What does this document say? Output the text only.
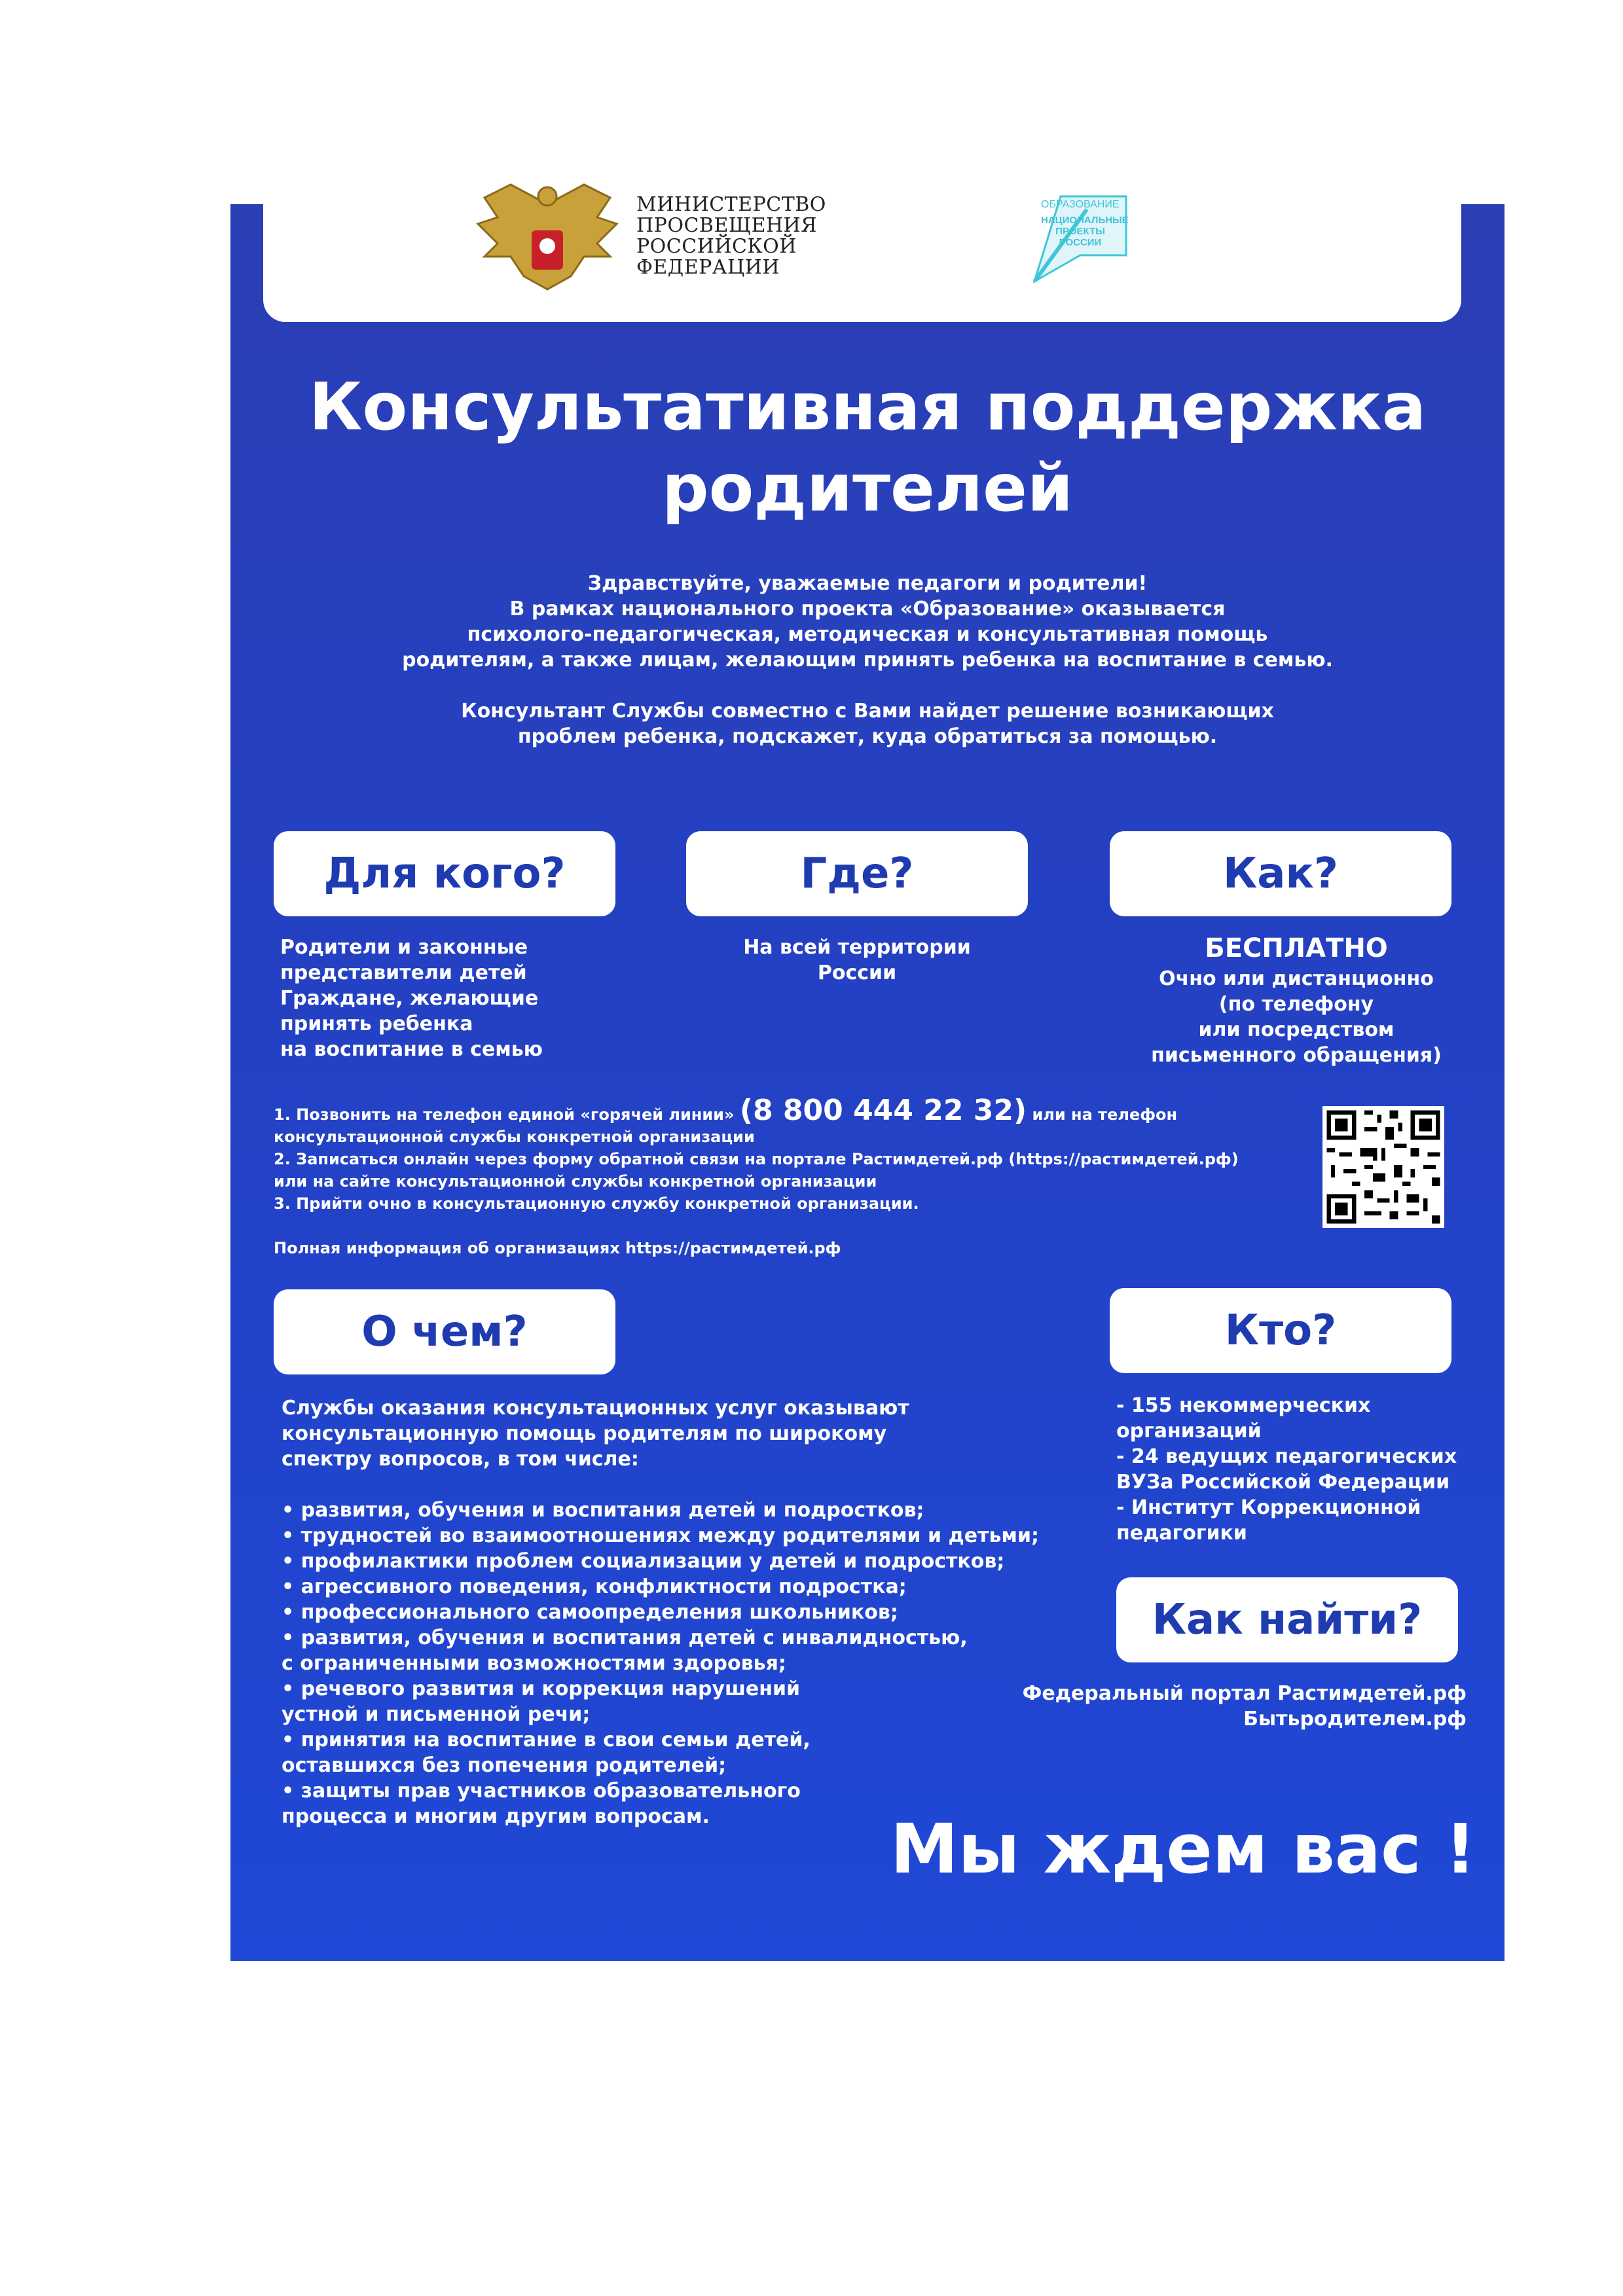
МИНИСТЕРСТВО
ПРОСВЕЩЕНИЯ
РОССИЙСКОЙ
ФЕДЕРАЦИИ
ОБРАЗОВАНИЕ
НАЦИОНАЛЬНЫЕ ПРОЕКТЫ РОССИИ
Консультативная поддержка
родителей

Здравствуйте, уважаемые педагоги и родители!

В рамках национального проекта «Образование» оказывается

психолого-педагогическая, методическая и консультативная помощь

родителям, а также лицам, желающим принять ребенка на воспитание в семью.

Консультант Службы совместно с Вами найдет решение возникающих

проблем ребенка, подскажет, куда обратиться за помощью.

Для кого?	Где?	Как?
Родители и законные
представители детей
Граждане, желающие
принять ребенка
на воспитание в семью
На всей территории
России
БЕСПЛАТНО
Очно или дистанционно
(по телефону
или посредством
письменного обращения)
1. Позвонить на телефон единой «горячей линии» (8 800 444 22 32) или на телефон
консультационной службы конкретной организации
2. Записаться онлайн через форму обратной связи на портале Растимдетей.рф (https://растимдетей.рф)
или на сайте консультационной службы конкретной организации
3. Прийти очно в консультационную службу конкретной организации.
Полная информация об организациях https://растимдетей.рф
О чем?	Кто?
Службы оказания консультационных услуг оказывают
консультационную помощь родителям по широкому
спектру вопросов, в том числе:
• развития, обучения и воспитания детей и подростков;
• трудностей во взаимоотношениях между родителями и детьми;
• профилактики проблем социализации у детей и подростков;
• агрессивного поведения, конфликтности подростка;
• профессионального самоопределения школьников;
• развития, обучения и воспитания детей с инвалидностью,
с ограниченными возможностями здоровья;
• речевого развития и коррекция нарушений
устной и письменной речи;
• принятия на воспитание в свои семьи детей,
оставшихся без попечения родителей;
• защиты прав участников образовательного
процесса и многим другим вопросам.
- 155 некоммерческих
организаций
- 24 ведущих педагогических
ВУЗа Российской Федерации
- Институт Коррекционной
педагогики
Как найти?
Федеральный портал Растимдетей.рф
Бытьродителем.рф
Мы ждем вас !
